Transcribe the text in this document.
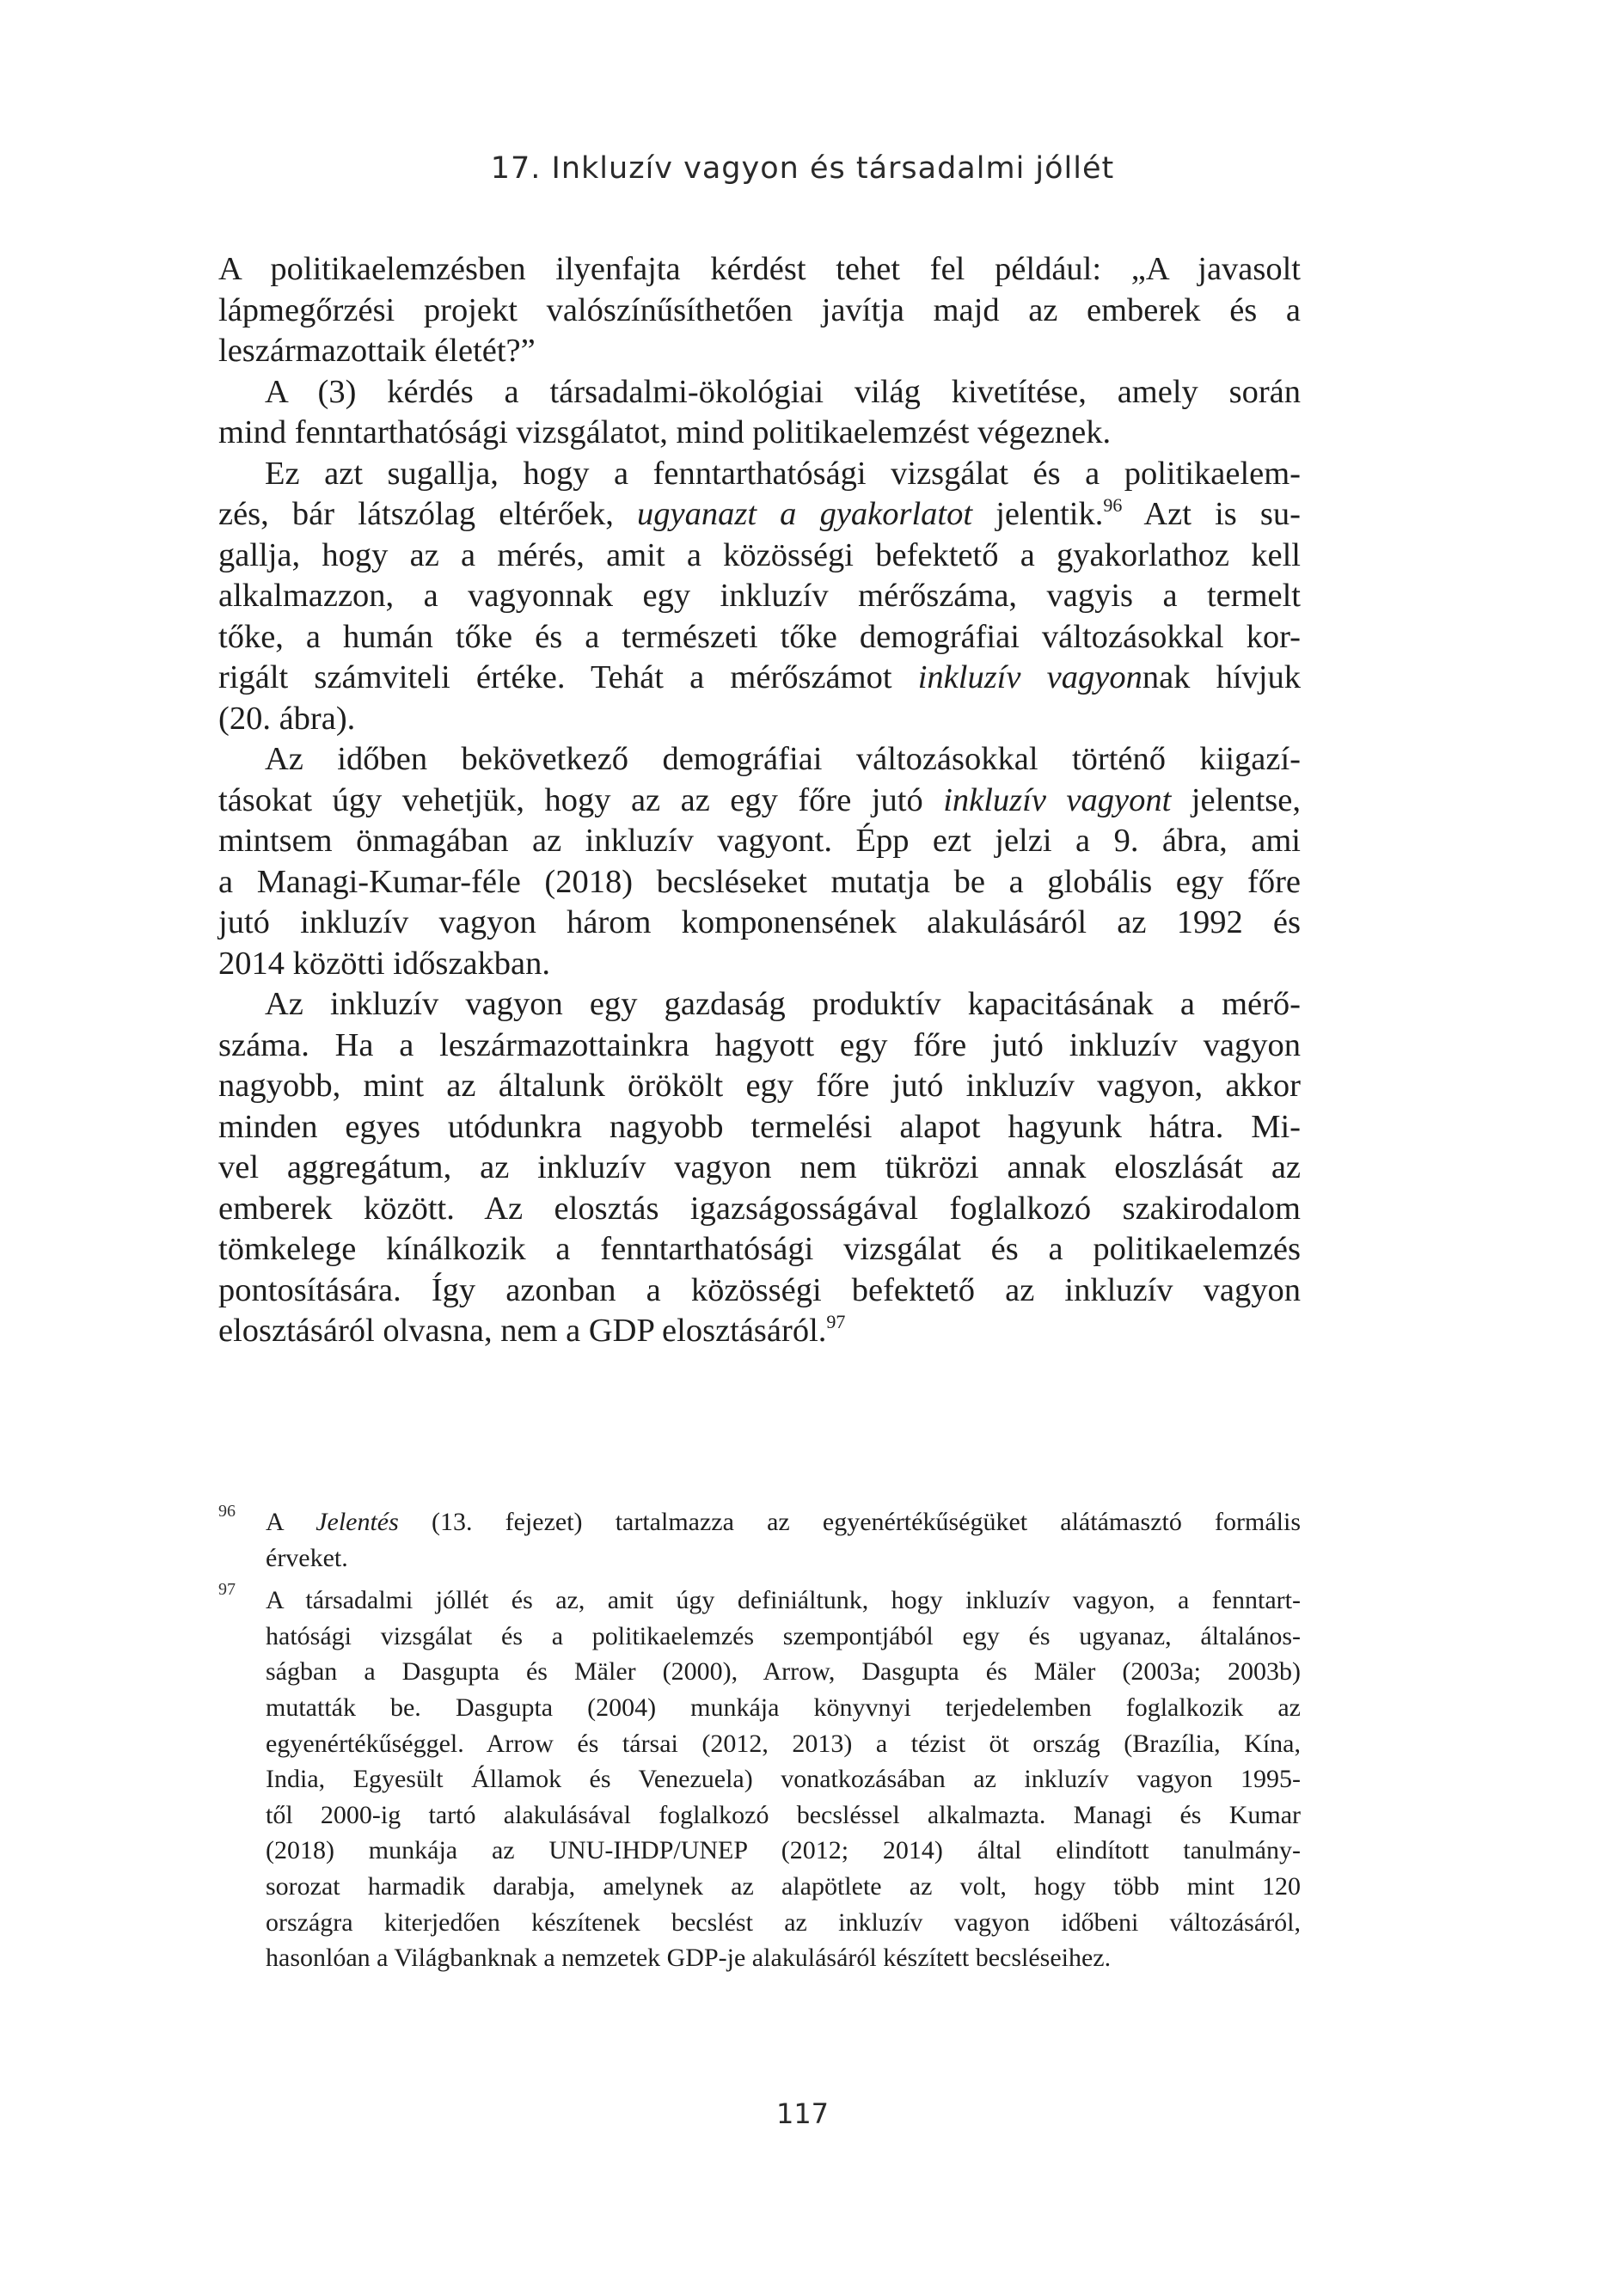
17. Inkluzív vagyon és társadalmi jóllét
A politikaelemzésben ilyenfajta kérdést tehet fel például: „A javasolt
lápmegőrzési projekt valószínűsíthetően javítja majd az emberek és a
leszármazottaik életét?”
A (3) kérdés a társadalmi-ökológiai világ kivetítése, amely során
mind fenntarthatósági vizsgálatot, mind politikaelemzést végeznek.
Ez azt sugallja, hogy a fenntarthatósági vizsgálat és a politikaelem-
zés, bár látszólag eltérőek, ugyanazt a gyakorlatot jelentik.$^{96}$ Azt is su-
gallja, hogy az a mérés, amit a közösségi befektető a gyakorlathoz kell
alkalmazzon, a vagyonnak egy inkluzív mérőszáma, vagyis a termelt
tőke, a humán tőke és a természeti tőke demográfiai változásokkal kor-
rigált számviteli értéke. Tehát a mérőszámot inkluzív vagyonnak hívjuk
(20. ábra).
Az időben bekövetkező demográfiai változásokkal történő kiigazí-
tásokat úgy vehetjük, hogy az az egy főre jutó inkluzív vagyont jelentse,
mintsem önmagában az inkluzív vagyont. Épp ezt jelzi a 9. ábra, ami
a Managi-Kumar-féle (2018) becsléseket mutatja be a globális egy főre
jutó inkluzív vagyon három komponensének alakulásáról az 1992 és
2014 közötti időszakban.
Az inkluzív vagyon egy gazdaság produktív kapacitásának a mérő-
száma. Ha a leszármazottainkra hagyott egy főre jutó inkluzív vagyon
nagyobb, mint az általunk örökölt egy főre jutó inkluzív vagyon, akkor
minden egyes utódunkra nagyobb termelési alapot hagyunk hátra. Mi-
vel aggregátum, az inkluzív vagyon nem tükrözi annak eloszlását az
emberek között. Az elosztás igazságosságával foglalkozó szakirodalom
tömkelege kínálkozik a fenntarthatósági vizsgálat és a politikaelemzés
pontosítására. Így azonban a közösségi befektető az inkluzív vagyon
elosztásáról olvasna, nem a GDP elosztásáról.$^{97}$
96 A Jelentés (13. fejezet) tartalmazza az egyenértékűségüket alátámasztó formális
érveket.
97 A társadalmi jóllét és az, amit úgy definiáltunk, hogy inkluzív vagyon, a fenntart-
hatósági vizsgálat és a politikaelemzés szempontjából egy és ugyanaz, általános-
ságban a Dasgupta és Mäler (2000), Arrow, Dasgupta és Mäler (2003a; 2003b)
mutatták be. Dasgupta (2004) munkája könyvnyi terjedelemben foglalkozik az
egyenértékűséggel. Arrow és társai (2012, 2013) a tézist öt ország (Brazília, Kína,
India, Egyesült Államok és Venezuela) vonatkozásában az inkluzív vagyon 1995-
től 2000-ig tartó alakulásával foglalkozó becsléssel alkalmazta. Managi és Kumar
(2018) munkája az UNU-IHDP/UNEP (2012; 2014) által elindított tanulmány-
sorozat harmadik darabja, amelynek az alapötlete az volt, hogy több mint 120
országra kiterjedően készítenek becslést az inkluzív vagyon időbeni változásáról,
hasonlóan a Világbanknak a nemzetek GDP-je alakulásáról készített becsléseihez.
117
